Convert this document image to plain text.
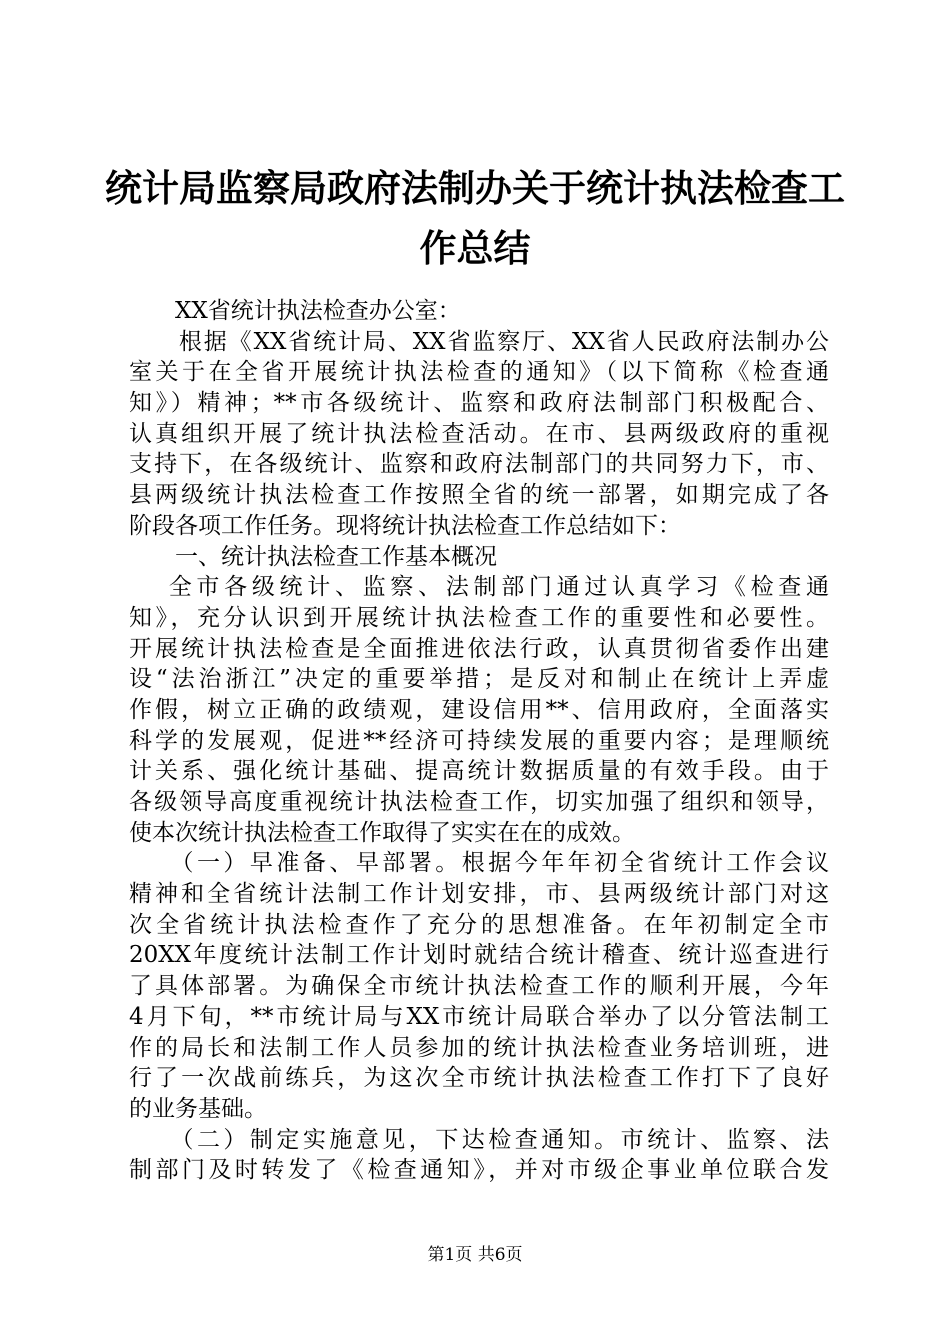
统计局监察局政府法制办关于统计执法检查工
作总结
　　XX省统计执法检查办公室：
　　根据《XX省统计局、XX省监察厅、XX省人民政府法制办公
室关于在全省开展统计执法检查的通知》（以下简称《检查通
知》）精神；**市各级统计、监察和政府法制部门积极配合、
认真组织开展了统计执法检查活动。在市、县两级政府的重视
支持下，在各级统计、监察和政府法制部门的共同努力下，市、
县两级统计执法检查工作按照全省的统一部署，如期完成了各
阶段各项工作任务。现将统计执法检查工作总结如下：
　　一、统计执法检查工作基本概况
　 全市各级统计、监察、法制部门通过认真学习《检查通
知》，充分认识到开展统计执法检查工作的重要性和必要性。
开展统计执法检查是全面推进依法行政，认真贯彻省委作出建
设“法治浙江”决定的重要举措；是反对和制止在统计上弄虚
作假，树立正确的政绩观，建设信用**、信用政府，全面落实
科学的发展观，促进**经济可持续发展的重要内容；是理顺统
计关系、强化统计基础、提高统计数据质量的有效手段。由于
各级领导高度重视统计执法检查工作，切实加强了组织和领导，
使本次统计执法检查工作取得了实实在在的成效。
　　（一）早准备、早部署。根据今年年初全省统计工作会议
精神和全省统计法制工作计划安排，市、县两级统计部门对这
次全省统计执法检查作了充分的思想准备。在年初制定全市
20XX年度统计法制工作计划时就结合统计稽查、统计巡查进行
了具体部署。为确保全市统计执法检查工作的顺利开展，今年
4月下旬，**市统计局与XX市统计局联合举办了以分管法制工
作的局长和法制工作人员参加的统计执法检查业务培训班，进
行了一次战前练兵，为这次全市统计执法检查工作打下了良好
的业务基础。
　　（二）制定实施意见，下达检查通知。市统计、监察、法
制部门及时转发了《检查通知》，并对市级企事业单位联合发
第1页 共6页
